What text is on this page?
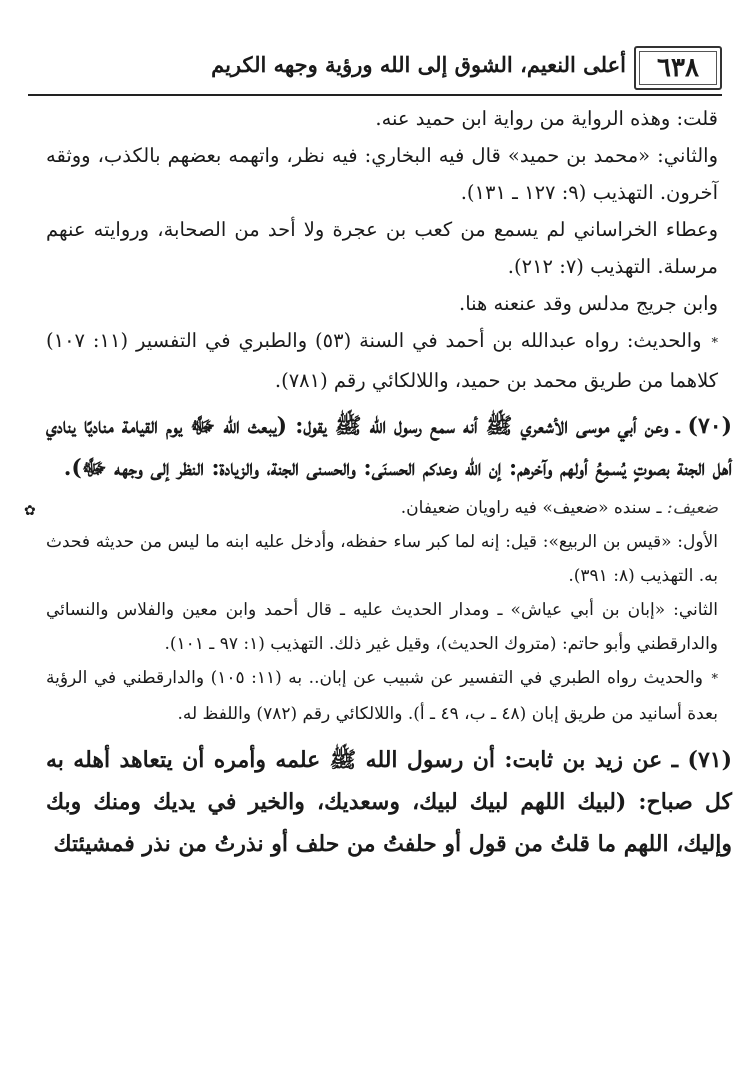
٦٣٨
أعلى النعيم، الشوق إلى الله ورؤية وجهه الكريم

قلت: وهذه الرواية من رواية ابن حميد عنه.

والثاني: «محمد بن حميد» قال فيه البخاري: فيه نظر، واتهمه بعضهم بالكذب، ووثقه آخرون. التهذيب (٩: ١٢٧ ـ ١٣١).

وعطاء الخراساني لم يسمع من كعب بن عجرة ولا أحد من الصحابة، وروايته عنهم مرسلة. التهذيب (٧: ٢١٢).

وابن جريج مدلس وقد عنعنه هنا.

* والحديث: رواه عبدالله بن أحمد في السنة (٥٣) والطبري في التفسير (١١: ١٠٧) كلاهما من طريق محمد بن حميد، واللالكائي رقم (٧٨١).

(٧٠) ـ وعن أبي موسى الأشعري ﷺ أنه سمع رسول الله ﷺ يقول: (يبعث الله ﷻ يوم القيامة مناديًا ينادي أهل الجنة بصوتٍ يُسمِعُ أولهم وآخرهم: إن الله وعدكم الحسنَى: والحسنى الجنة، والزيادة: النظر إلى وجهه ﷻ).

✿	ضعيف: ـ سنده «ضعيف» فيه راويان ضعيفان.

الأول: «قيس بن الربيع»: قيل: إنه لما كبر ساء حفظه، وأدخل عليه ابنه ما ليس من حديثه فحدث به. التهذيب (٨: ٣٩١).

الثاني: «إبان بن أبي عياش» ـ ومدار الحديث عليه ـ قال أحمد وابن معين والفلاس والنسائي والدارقطني وأبو حاتم: (متروك الحديث)، وقيل غير ذلك. التهذيب (١: ٩٧ ـ ١٠١).

* والحديث رواه الطبري في التفسير عن شبيب عن إبان.. به (١١: ١٠٥) والدارقطني في الرؤية بعدة أسانيد من طريق إبان (٤٨ ـ ب، ٤٩ ـ أ). واللالكائي رقم (٧٨٢) واللفظ له.

(٧١) ـ عن زيد بن ثابت: أن رسول الله ﷺ علمه وأمره أن يتعاهد أهله به كل صباح: (لبيك اللهم لبيك لبيك، وسعديك، والخير في يديك ومنك وبك وإليك، اللهم ما قلتُ من قول أو حلفتُ من حلف أو نذرتُ من نذر فمشيئتك
